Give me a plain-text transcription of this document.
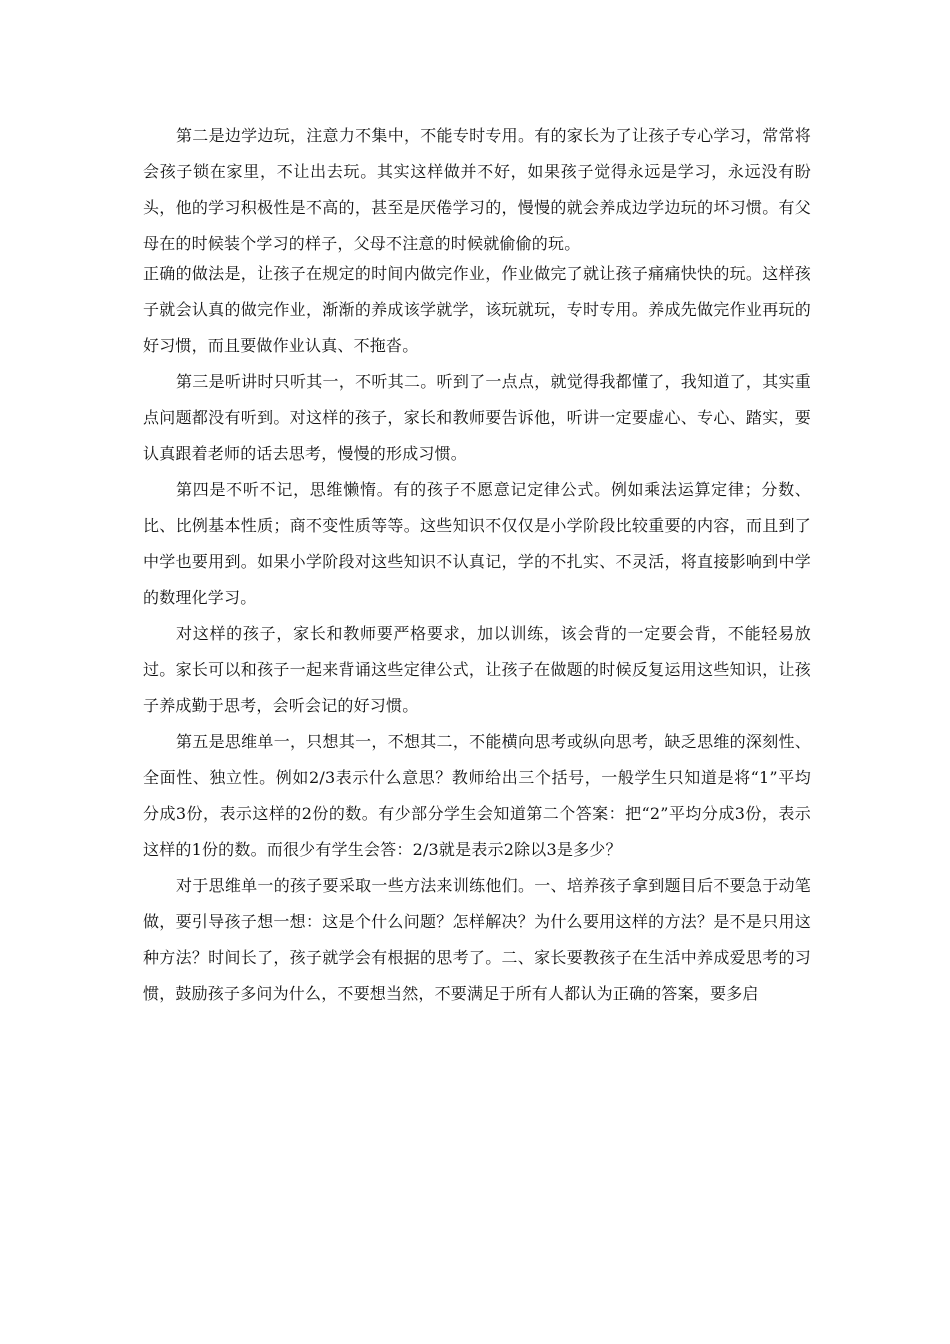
第二是边学边玩，注意力不集中，不能专时专用。有的家长为了让孩子专心学习，常常将会孩子锁在家里，不让出去玩。其实这样做并不好，如果孩子觉得永远是学习，永远没有盼头，他的学习积极性是不高的，甚至是厌倦学习的，慢慢的就会养成边学边玩的坏习惯。有父母在的时候装个学习的样子，父母不注意的时候就偷偷的玩。

正确的做法是，让孩子在规定的时间内做完作业，作业做完了就让孩子痛痛快快的玩。这样孩子就会认真的做完作业，渐渐的养成该学就学，该玩就玩，专时专用。养成先做完作业再玩的好习惯，而且要做作业认真、不拖沓。

第三是听讲时只听其一，不听其二。听到了一点点，就觉得我都懂了，我知道了，其实重点问题都没有听到。对这样的孩子，家长和教师要告诉他，听讲一定要虚心、专心、踏实，要认真跟着老师的话去思考，慢慢的形成习惯。

第四是不听不记，思维懒惰。有的孩子不愿意记定律公式。例如乘法运算定律；分数、比、比例基本性质；商不变性质等等。这些知识不仅仅是小学阶段比较重要的内容，而且到了中学也要用到。如果小学阶段对这些知识不认真记，学的不扎实、不灵活，将直接影响到中学的数理化学习。

对这样的孩子，家长和教师要严格要求，加以训练，该会背的一定要会背，不能轻易放过。家长可以和孩子一起来背诵这些定律公式，让孩子在做题的时候反复运用这些知识，让孩子养成勤于思考，会听会记的好习惯。

第五是思维单一，只想其一，不想其二，不能横向思考或纵向思考，缺乏思维的深刻性、全面性、独立性。例如2/3表示什么意思？教师给出三个括号，一般学生只知道是将“1”平均分成3份，表示这样的2份的数。有少部分学生会知道第二个答案：把“2”平均分成3份，表示这样的1份的数。而很少有学生会答：2/3就是表示2除以3是多少？

对于思维单一的孩子要采取一些方法来训练他们。一、培养孩子拿到题目后不要急于动笔做，要引导孩子想一想：这是个什么问题？怎样解决？为什么要用这样的方法？是不是只用这种方法？时间长了，孩子就学会有根据的思考了。二、家长要教孩子在生活中养成爱思考的习惯，鼓励孩子多问为什么，不要想当然，不要满足于所有人都认为正确的答案，要多启
